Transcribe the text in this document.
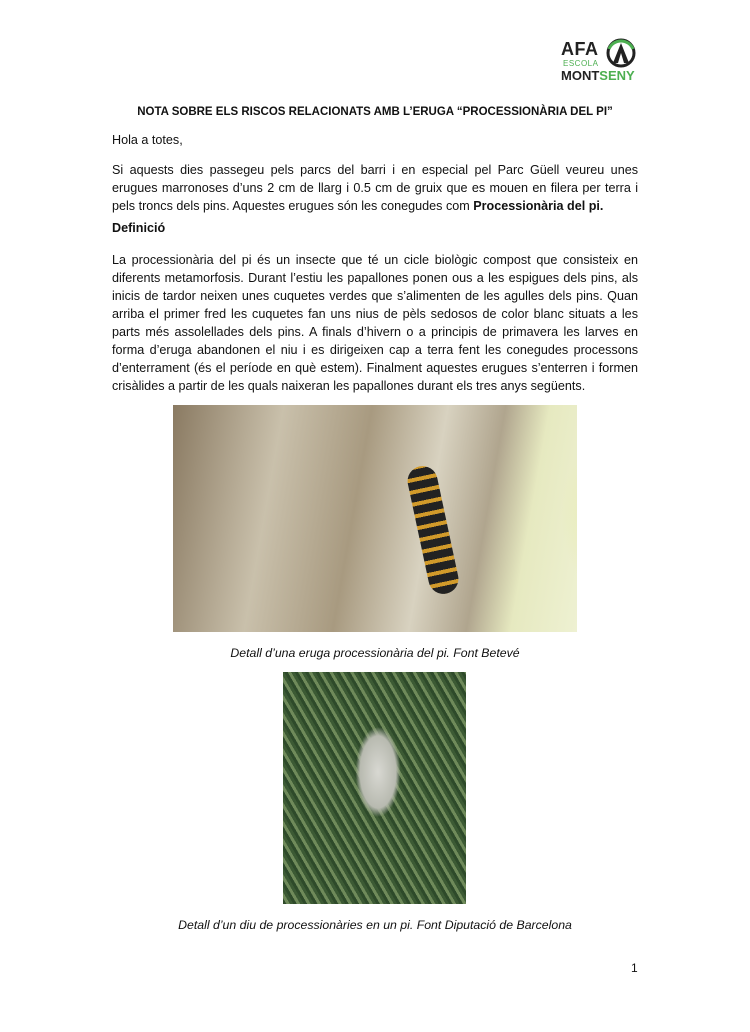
AFA
ESCOLA
MONTSENY
NOTA SOBRE ELS RISCOS RELACIONATS AMB L’ERUGA “PROCESSIONÀRIA DEL PI”
Hola a totes,
Si aquests dies passegeu pels parcs del barri i en especial pel Parc Güell veureu unes erugues marronoses d’uns 2 cm de llarg i 0.5 cm de gruix que es mouen en filera per terra i pels troncs dels pins. Aquestes erugues són les conegudes com Processionària del pi.
Definició
La processionària del pi és un insecte que té un cicle biològic compost que consisteix en diferents metamorfosis. Durant l’estiu les papallones ponen ous a les espigues dels pins, als inicis de tardor neixen unes cuquetes verdes que s’alimenten de les agulles dels pins. Quan arriba el primer fred les cuquetes fan uns nius de pèls sedosos de color blanc situats a les parts més assolellades dels pins. A finals d’hivern o a principis de primavera les larves en forma d’eruga abandonen el niu i es dirigeixen cap a terra fent les conegudes processons d’enterrament (és el període en què estem). Finalment aquestes erugues s’enterren i formen crisàlides a partir de les quals naixeran les papallones durant els tres anys següents.
Detall d’una eruga processionària del pi. Font Betevé
Detall d’un diu de processionàries en un pi. Font Diputació de Barcelona
1
